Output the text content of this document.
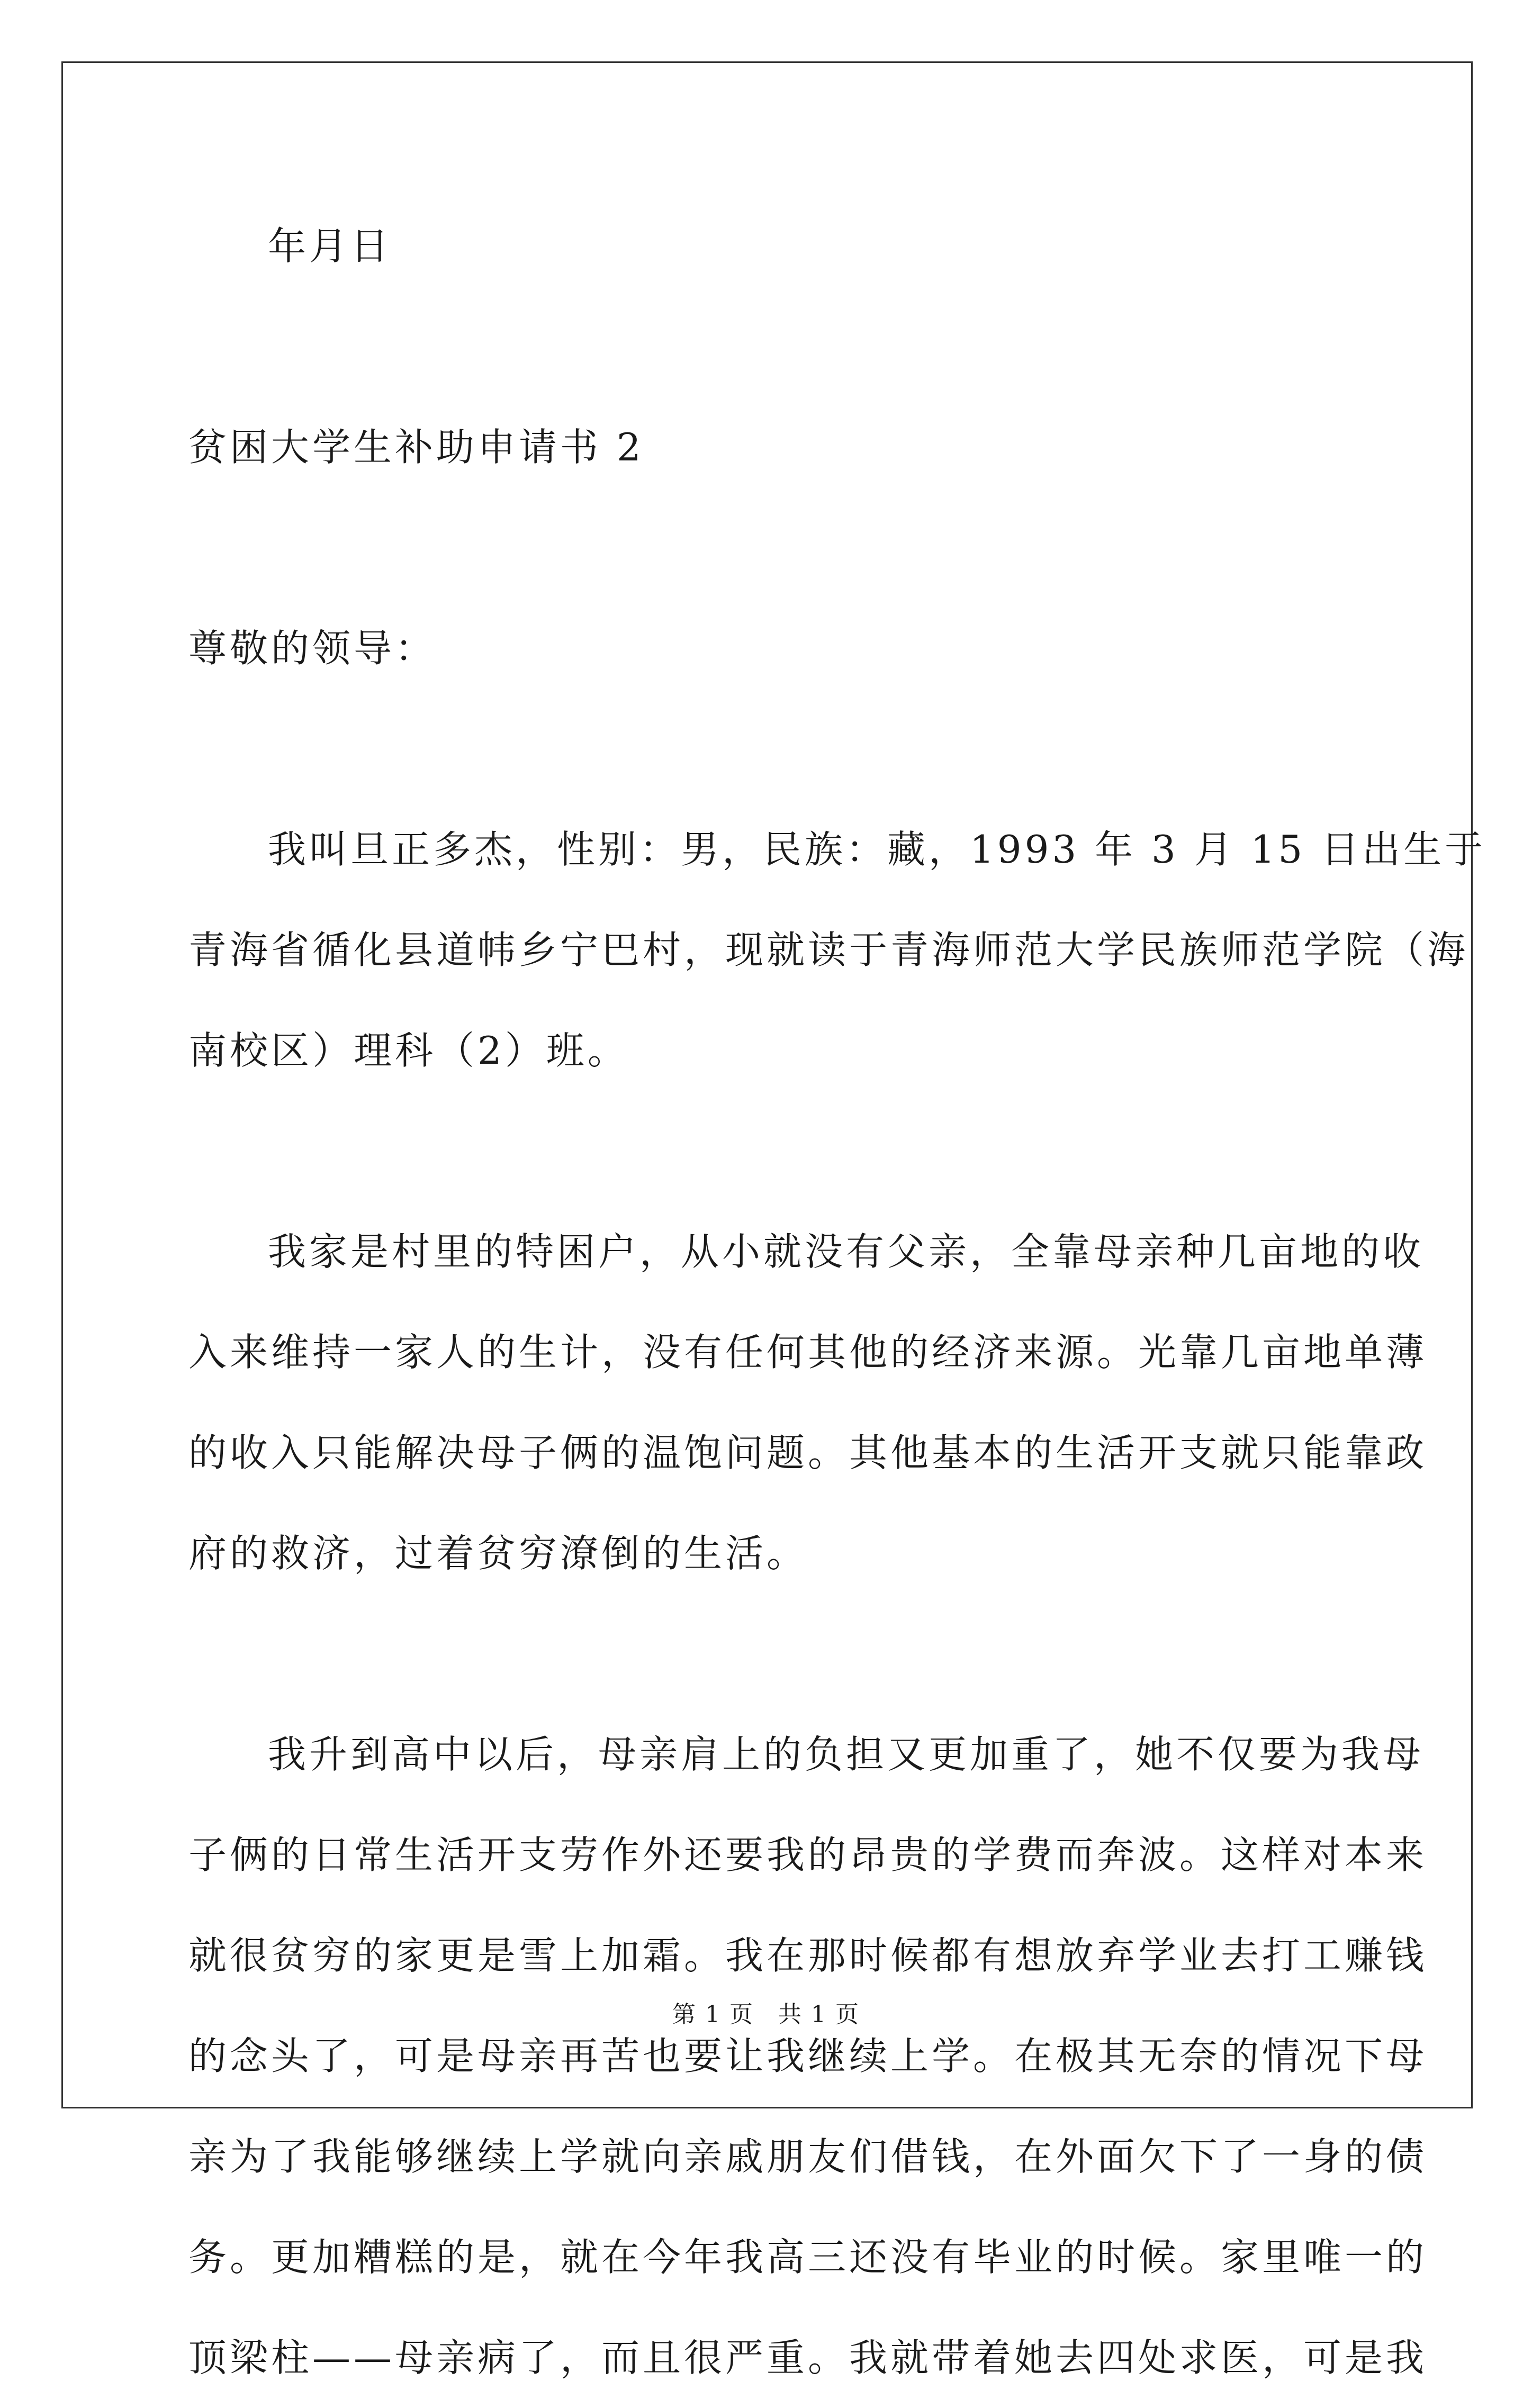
年月日
贫困大学生补助申请书 2
尊敬的领导：
我叫旦正多杰，性别：男，民族：藏，1993 年 3 月 15 日出生于
青海省循化县道帏乡宁巴村，现就读于青海师范大学民族师范学院（海
南校区）理科（2）班。
我家是村里的特困户，从小就没有父亲，全靠母亲种几亩地的收
入来维持一家人的生计，没有任何其他的经济来源。光靠几亩地单薄
的收入只能解决母子俩的温饱问题。其他基本的生活开支就只能靠政
府的救济，过着贫穷潦倒的生活。
我升到高中以后，母亲肩上的负担又更加重了，她不仅要为我母
子俩的日常生活开支劳作外还要我的昂贵的学费而奔波。这样对本来
就很贫穷的家更是雪上加霜。我在那时候都有想放弃学业去打工赚钱
的念头了，可是母亲再苦也要让我继续上学。在极其无奈的情况下母
亲为了我能够继续上学就向亲戚朋友们借钱，在外面欠下了一身的债
务。更加糟糕的是，就在今年我高三还没有毕业的时候。家里唯一的
顶梁柱——母亲病了，而且很严重。我就带着她去四处求医，可是我
第 1 页　共 1 页
